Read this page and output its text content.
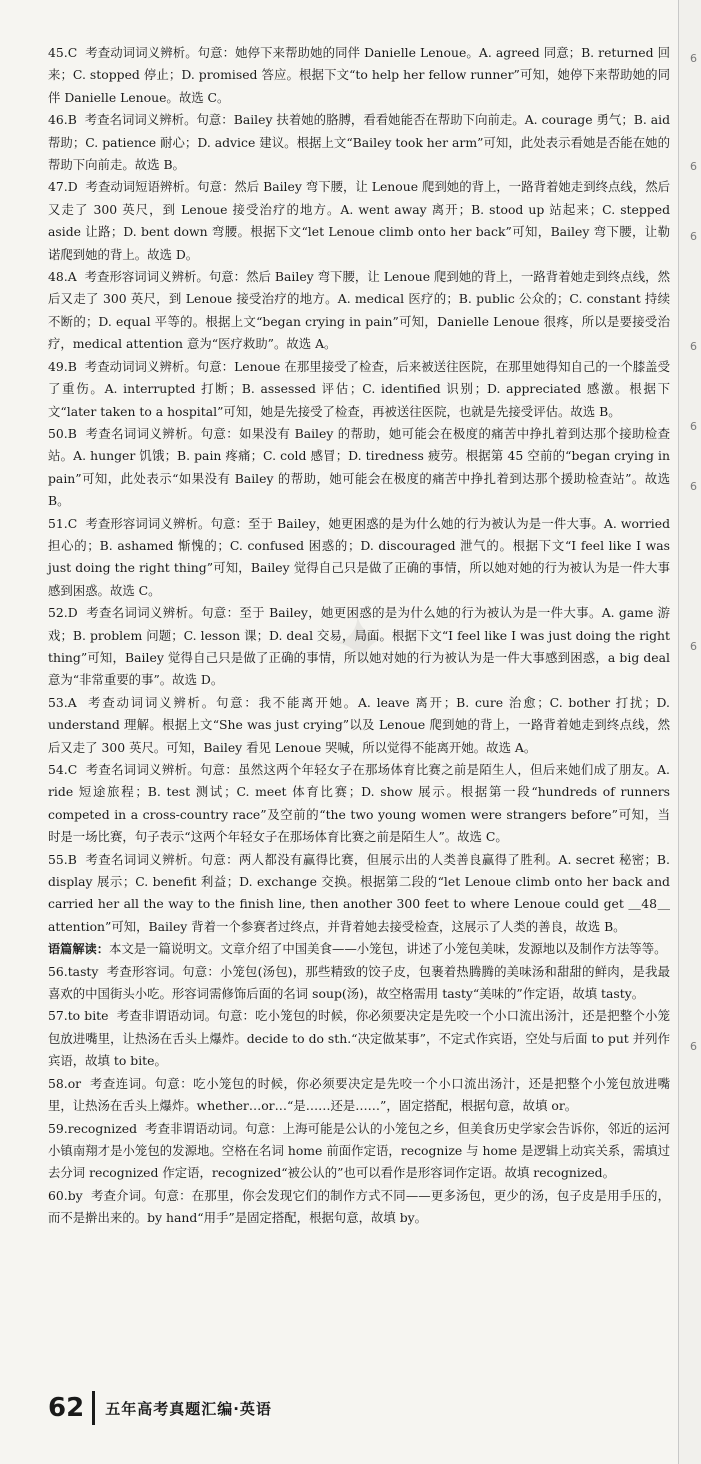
6
6
6
6
6
6
6
6
✦

45.C 考查动词词义辨析。句意：她停下来帮助她的同伴 Danielle Lenoue。A. agreed 同意；B. returned 回来；C. stopped 停止；D. promised 答应。根据下文“to help her fellow runner”可知，她停下来帮助她的同伴 Danielle Lenoue。故选 C。

46.B 考查名词词义辨析。句意：Bailey 扶着她的胳膊，看看她能否在帮助下向前走。A. courage 勇气；B. aid 帮助；C. patience 耐心；D. advice 建议。根据上文“Bailey took her arm”可知，此处表示看她是否能在她的帮助下向前走。故选 B。

47.D 考查动词短语辨析。句意：然后 Bailey 弯下腰，让 Lenoue 爬到她的背上，一路背着她走到终点线，然后又走了 300 英尺，到 Lenoue 接受治疗的地方。A. went away 离开；B. stood up 站起来；C. stepped aside 让路；D. bent down 弯腰。根据下文“let Lenoue climb onto her back”可知，Bailey 弯下腰，让勒诺爬到她的背上。故选 D。

48.A 考查形容词词义辨析。句意：然后 Bailey 弯下腰，让 Lenoue 爬到她的背上，一路背着她走到终点线，然后又走了 300 英尺，到 Lenoue 接受治疗的地方。A. medical 医疗的；B. public 公众的；C. constant 持续不断的；D. equal 平等的。根据上文“began crying in pain”可知，Danielle Lenoue 很疼，所以是要接受治疗，medical attention 意为“医疗救助”。故选 A。

49.B 考查动词词义辨析。句意：Lenoue 在那里接受了检查，后来被送往医院，在那里她得知自己的一个膝盖受了重伤。A. interrupted 打断；B. assessed 评估；C. identified 识别；D. appreciated 感激。根据下文“later taken to a hospital”可知，她是先接受了检查，再被送往医院，也就是先接受评估。故选 B。

50.B 考查名词词义辨析。句意：如果没有 Bailey 的帮助，她可能会在极度的痛苦中挣扎着到达那个接助检查站。A. hunger 饥饿；B. pain 疼痛；C. cold 感冒；D. tiredness 疲劳。根据第 45 空前的“began crying in pain”可知，此处表示“如果没有 Bailey 的帮助，她可能会在极度的痛苦中挣扎着到达那个援助检查站”。故选 B。

51.C 考查形容词词义辨析。句意：至于 Bailey，她更困惑的是为什么她的行为被认为是一件大事。A. worried 担心的；B. ashamed 惭愧的；C. confused 困惑的；D. discouraged 泄气的。根据下文“I feel like I was just doing the right thing”可知，Bailey 觉得自己只是做了正确的事情，所以她对她的行为被认为是一件大事感到困惑。故选 C。

52.D 考查名词词义辨析。句意：至于 Bailey，她更困惑的是为什么她的行为被认为是一件大事。A. game 游戏；B. problem 问题；C. lesson 课；D. deal 交易，局面。根据下文“I feel like I was just doing the right thing”可知，Bailey 觉得自己只是做了正确的事情，所以她对她的行为被认为是一件大事感到困惑，a big deal 意为“非常重要的事”。故选 D。

53.A 考查动词词义辨析。句意：我不能离开她。A. leave 离开；B. cure 治愈；C. bother 打扰；D. understand 理解。根据上文“She was just crying”以及 Lenoue 爬到她的背上，一路背着她走到终点线，然后又走了 300 英尺。可知，Bailey 看见 Lenoue 哭喊，所以觉得不能离开她。故选 A。

54.C 考查名词词义辨析。句意：虽然这两个年轻女子在那场体育比赛之前是陌生人，但后来她们成了朋友。A. ride 短途旅程；B. test 测试；C. meet 体育比赛；D. show 展示。根据第一段“hundreds of runners competed in a cross-country race”及空前的“the two young women were strangers before”可知，当时是一场比赛，句子表示“这两个年轻女子在那场体育比赛之前是陌生人”。故选 C。

55.B 考查名词词义辨析。句意：两人都没有赢得比赛，但展示出的人类善良赢得了胜利。A. secret 秘密；B. display 展示；C. benefit 利益；D. exchange 交换。根据第二段的“let Lenoue climb onto her back and carried her all the way to the finish line, then another 300 feet to where Lenoue could get ＿48＿ attention”可知，Bailey 背着一个参赛者过终点，并背着她去接受检查，这展示了人类的善良，故选 B。

语篇解读：本文是一篇说明文。文章介绍了中国美食——小笼包，讲述了小笼包美味，发源地以及制作方法等等。

56.tasty 考查形容词。句意：小笼包(汤包)，那些精致的饺子皮，包裹着热腾腾的美味汤和甜甜的鲜肉，是我最喜欢的中国街头小吃。形容词需修饰后面的名词 soup(汤)，故空格需用 tasty“美味的”作定语，故填 tasty。

57.to bite 考查非谓语动词。句意：吃小笼包的时候，你必须要决定是先咬一个小口流出汤汁，还是把整个小笼包放进嘴里，让热汤在舌头上爆炸。decide to do sth.“决定做某事”，不定式作宾语，空处与后面 to put 并列作宾语，故填 to bite。

58.or 考查连词。句意：吃小笼包的时候，你必须要决定是先咬一个小口流出汤汁，还是把整个小笼包放进嘴里，让热汤在舌头上爆炸。whether…or…“是……还是……”，固定搭配，根据句意，故填 or。

59.recognized 考查非谓语动词。句意：上海可能是公认的小笼包之乡，但美食历史学家会告诉你，邻近的运河小镇南翔才是小笼包的发源地。空格在名词 home 前面作定语，recognize 与 home 是逻辑上动宾关系，需填过去分词 recognized 作定语，recognized“被公认的”也可以看作是形容词作定语。故填 recognized。

60.by 考查介词。句意：在那里，你会发现它们的制作方式不同——更多汤包，更少的汤，包子皮是用手压的，而不是擀出来的。by hand“用手”是固定搭配，根据句意，故填 by。

62	五年高考真题汇编·英语
